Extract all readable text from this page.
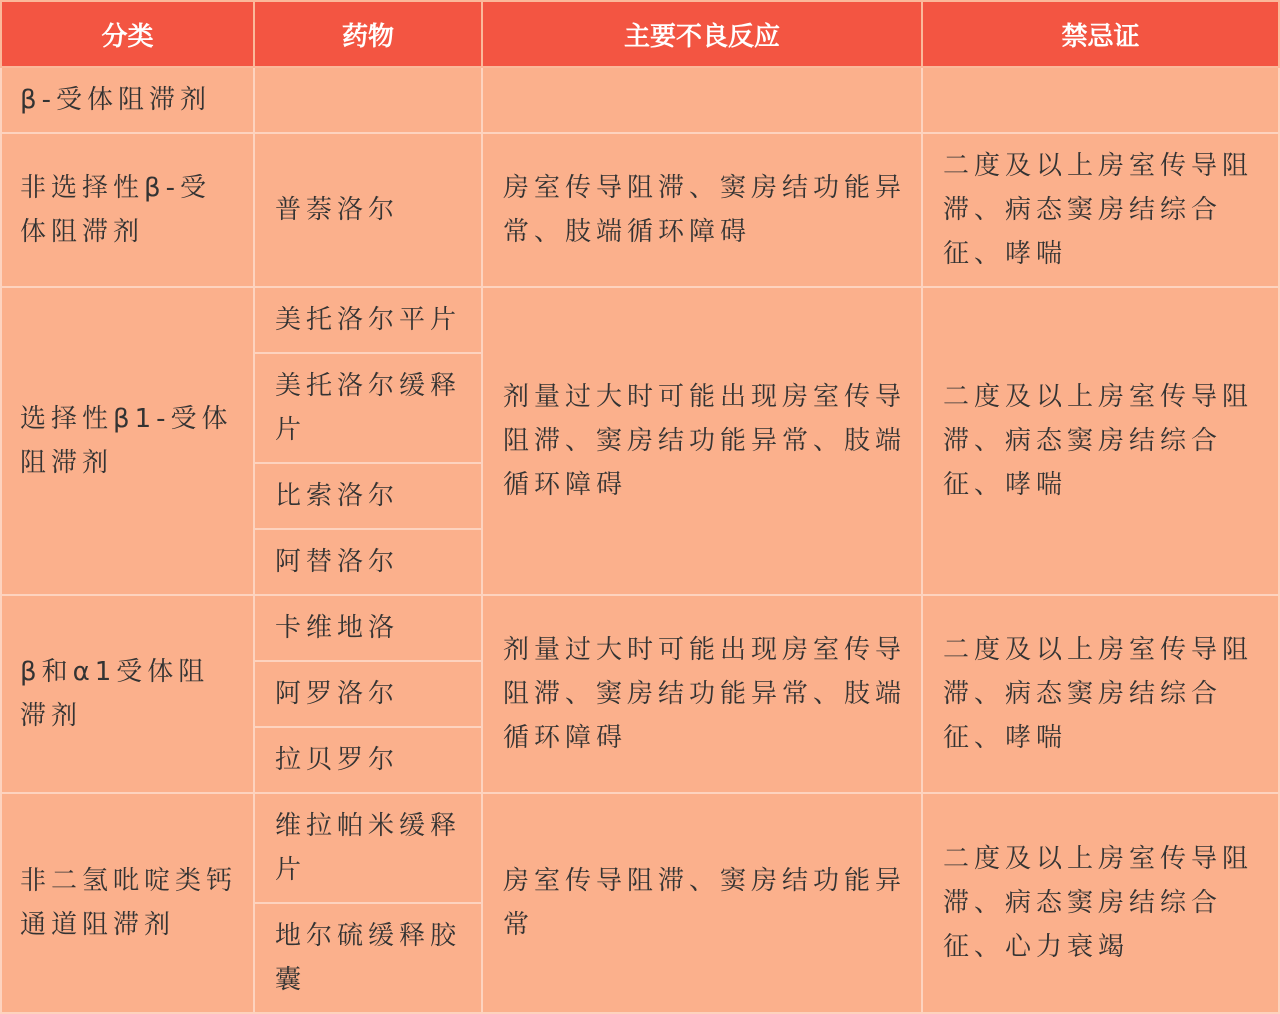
分类	药物	主要不良反应	禁忌证
β-受体阻滞剂			
非选择性β-受体阻滞剂	普萘洛尔	房室传导阻滞、窦房结功能异常、肢端循环障碍	二度及以上房室传导阻滞、病态窦房结综合征、哮喘
选择性β1-受体阻滞剂	美托洛尔平片	剂量过大时可能出现房室传导阻滞、窦房结功能异常、肢端循环障碍	二度及以上房室传导阻滞、病态窦房结综合征、哮喘
	美托洛尔缓释片		
	比索洛尔		
	阿替洛尔		
β和α1受体阻滞剂	卡维地洛	剂量过大时可能出现房室传导阻滞、窦房结功能异常、肢端循环障碍	二度及以上房室传导阻滞、病态窦房结综合征、哮喘
	阿罗洛尔		
	拉贝罗尔		
非二氢吡啶类钙通道阻滞剂	维拉帕米缓释片	房室传导阻滞、窦房结功能异常	二度及以上房室传导阻滞、病态窦房结综合征、心力衰竭
	地尔硫缓释胶囊		
